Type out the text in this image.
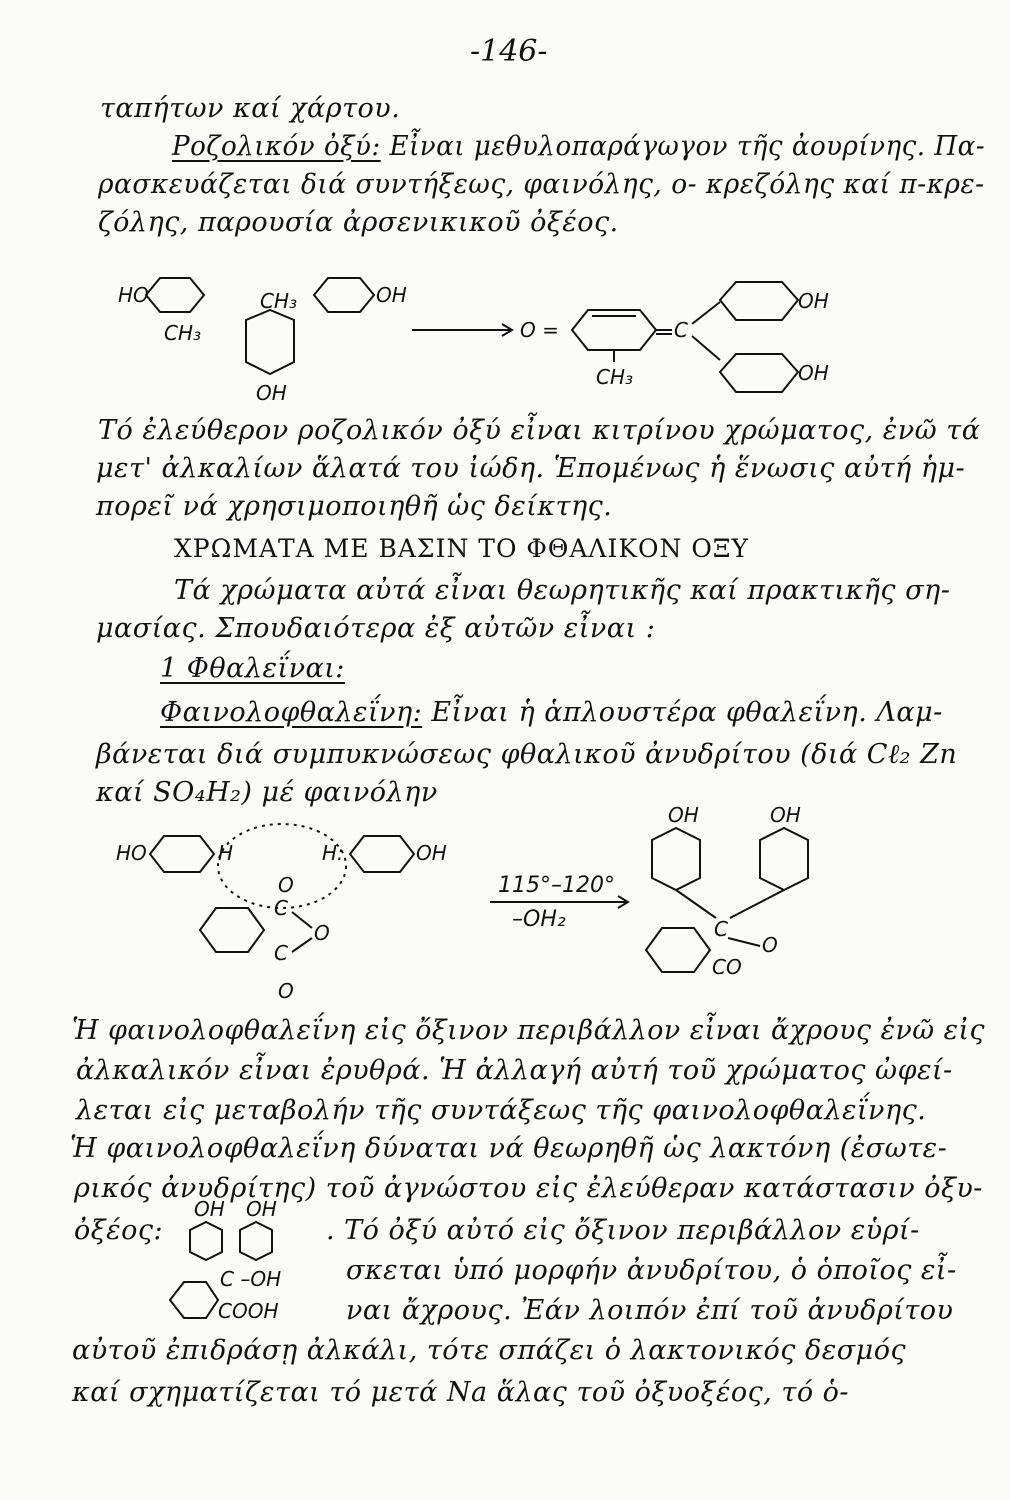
-146-
ταπήτων καί χάρτου.
Ροζολικόν ὀξύ: Εἶναι μεθυλοπαράγωγον τῆς ἀουρίνης. Πα-
ρασκευάζεται διά συντήξεως, φαινόλης, ο- κρεζόλης καί π-κρε-
ζόλης, παρουσία ἀρσενικικοῦ ὀξέος.
HO
CH₃
CH₃
OH
OH
O =	C
CH₃
OH
OH
Τό ἐλεύθερον ροζολικόν ὀξύ εἶναι κιτρίνου χρώματος, ἐνῶ τά
μετ' ἀλκαλίων ἅλατά του ἰώδη. Ἑπομένως ἡ ἕνωσις αὐτή ἡμ-
πορεῖ νά χρησιμοποιηθῆ ὡς δείκτης.
ΧΡΩΜΑΤΑ ΜΕ ΒΑΣΙΝ ΤΟ ΦΘΑΛΙΚΟΝ ΟΞΥ
Τά χρώματα αὐτά εἶναι θεωρητικῆς καί πρακτικῆς ση-
μασίας. Σπουδαιότερα ἐξ αὐτῶν εἶναι :
1 Φθαλεΐναι:
Φαινολοφθαλεΐνη: Εἶναι ἡ ἁπλουστέρα φθαλεΐνη. Λαμ-
βάνεται διά συμπυκνώσεως φθαλικοῦ ἀνυδρίτου (διά Cℓ₂ Zn
καί SO₄H₂) μέ φαινόλην
HO	H	H:	OH
C
C
O
O
O
115°–120°
–OH₂
OH	OH
C
CO
O
Ἡ φαινολοφθαλεΐνη εἰς ὄξινον περιβάλλον εἶναι ἄχρους ἐνῶ εἰς
ἀλκαλικόν εἶναι ἐρυθρά. Ἡ ἀλλαγή αὐτή τοῦ χρώματος ὠφεί-
λεται εἰς μεταβολήν τῆς συντάξεως τῆς φαινολοφθαλεΐνης.
Ἡ φαινολοφθαλεΐνη δύναται νά θεωρηθῆ ὡς λακτόνη (ἐσωτε-
ρικός ἀνυδρίτης) τοῦ ἀγνώστου εἰς ἐλεύθεραν κατάστασιν ὀξυ-
ὀξέος:
OH OH
C –OH
COOH
. Τό ὀξύ αὐτό εἰς ὄξινον περιβάλλον εὑρί-
σκεται ὑπό μορφήν ἀνυδρίτου, ὁ ὁποῖος εἶ-
ναι ἄχρους. Ἐάν λοιπόν ἐπί τοῦ ἀνυδρίτου
αὐτοῦ ἐπιδράσῃ ἀλκάλι, τότε σπάζει ὁ λακτονικός δεσμός
καί σχηματίζεται τό μετά Na ἅλας τοῦ ὀξυοξέος, τό ὁ-
